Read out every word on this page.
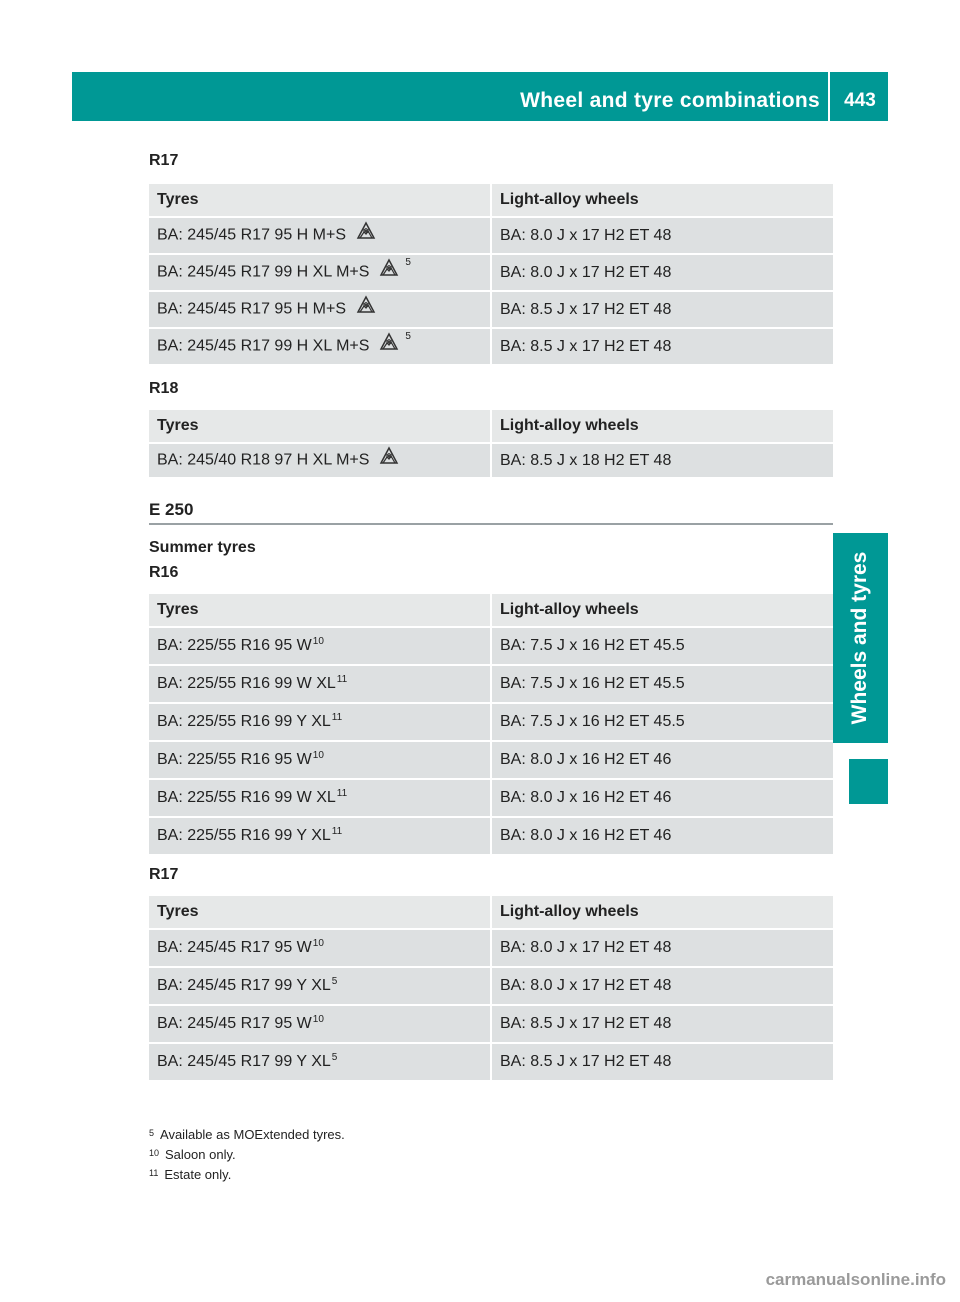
Wheel and tyre combinations	443
Wheels and tyres
R17
Tyres	Light-alloy wheels
BA: 245/45 R17 95 H M+S	BA: 8.0 J x 17 H2 ET 48
BA: 245/45 R17 99 H XL M+S$^5$	BA: 8.0 J x 17 H2 ET 48
BA: 245/45 R17 95 H M+S	BA: 8.5 J x 17 H2 ET 48
BA: 245/45 R17 99 H XL M+S$^5$	BA: 8.5 J x 17 H2 ET 48
R18
Tyres	Light-alloy wheels
BA: 245/40 R18 97 H XL M+S	BA: 8.5 J x 18 H2 ET 48
E 250
Summer tyres
R16
Tyres	Light-alloy wheels
BA: 225/55 R16 95 $W^{10}$	BA: 7.5 J x 16 H2 ET 45.5
BA: 225/55 R16 99 W XL$^{11}$	BA: 7.5 J x 16 H2 ET 45.5
BA: 225/55 R16 99 Y XL$^{11}$	BA: 7.5 J x 16 H2 ET 45.5
BA: 225/55 R16 95 $W^{10}$	BA: 8.0 J x 16 H2 ET 46
BA: 225/55 R16 99 W XL$^{11}$	BA: 8.0 J x 16 H2 ET 46
BA: 225/55 R16 99 Y XL$^{11}$	BA: 8.0 J x 16 H2 ET 46
R17
Tyres	Light-alloy wheels
BA: 245/45 R17 95 $W^{10}$	BA: 8.0 J x 17 H2 ET 48
BA: 245/45 R17 99 Y $XL^5$	BA: 8.0 J x 17 H2 ET 48
BA: 245/45 R17 95 $W^{10}$	BA: 8.5 J x 17 H2 ET 48
BA: 245/45 R17 99 Y $XL^5$	BA: 8.5 J x 17 H2 ET 48
$^5$ Available as MOExtended tyres.
$^{10}$ Saloon only.
$^{11}$ Estate only.
carmanualsonline.info
